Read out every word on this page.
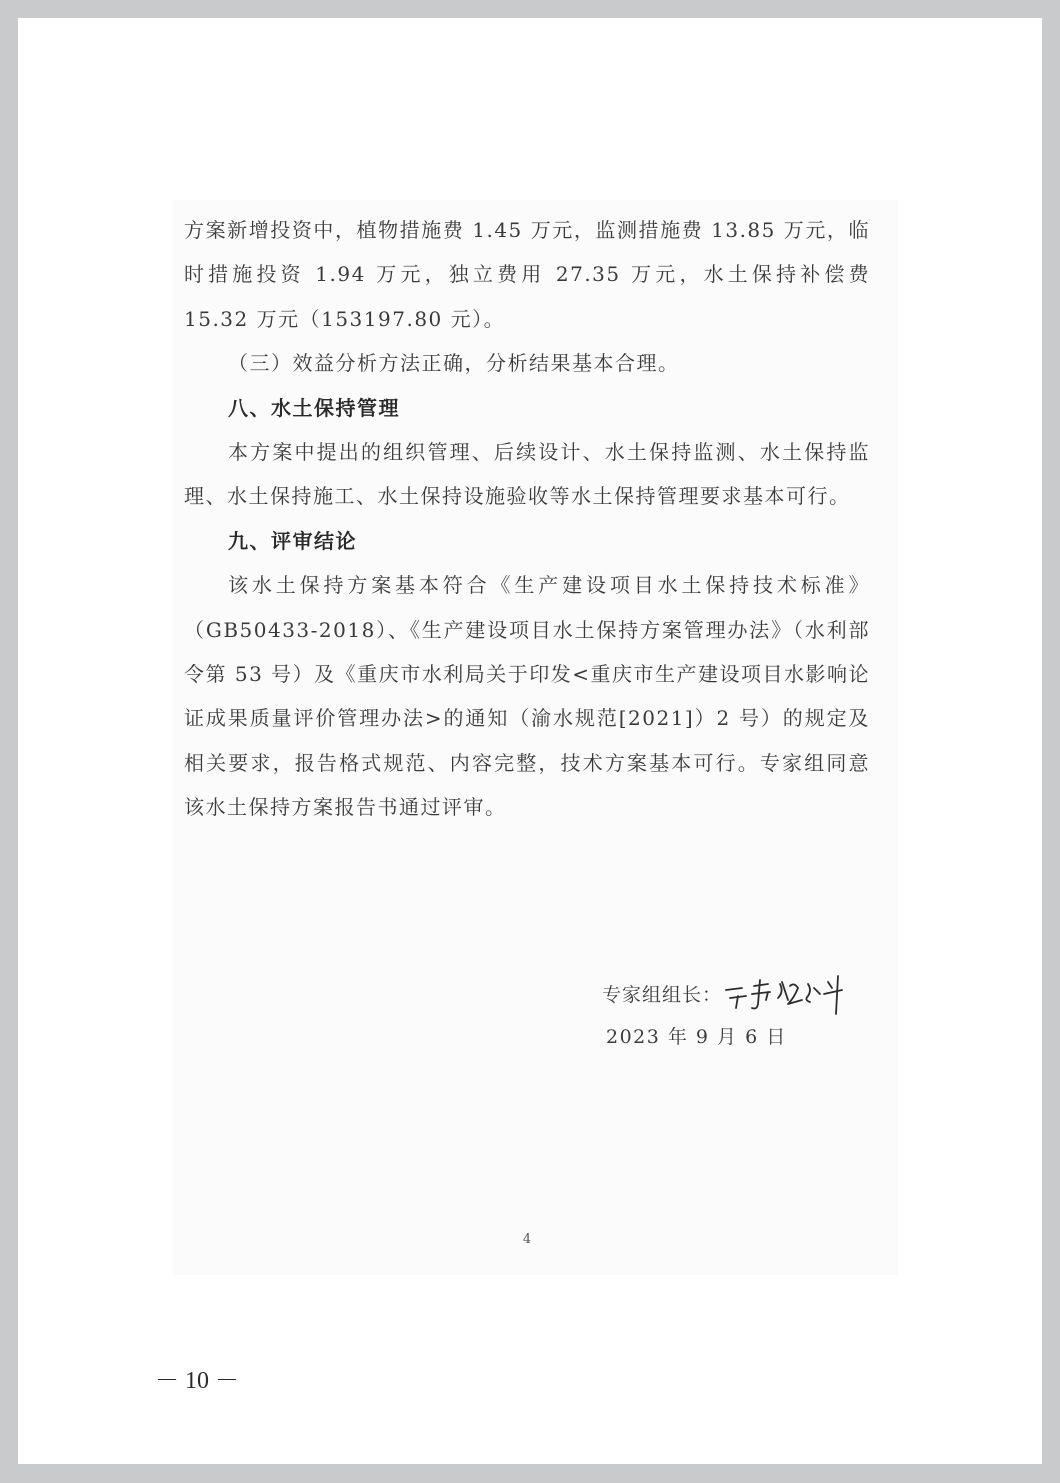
方案新增投资中，植物措施费 1.45 万元，监测措施费 13.85 万元，临时措施投资 1.94 万元，独立费用 27.35 万元，水土保持补偿费 15.32 万元（153197.80 元）。

（三）效益分析方法正确，分析结果基本合理。

八、水土保持管理

本方案中提出的组织管理、后续设计、水土保持监测、水土保持监理、水土保持施工、水土保持设施验收等水土保持管理要求基本可行。

九、评审结论

该水土保持方案基本符合《生产建设项目水土保持技术标准》（GB50433-2018）、《生产建设项目水土保持方案管理办法》（水利部令第 53 号）及《重庆市水利局关于印发<重庆市生产建设项目水影响论证成果质量评价管理办法>的通知（渝水规范[2021]）2 号）的规定及相关要求，报告格式规范、内容完整，技术方案基本可行。专家组同意该水土保持方案报告书通过评审。

专家组组长：
2023 年 9 月 6 日
4
－ 10 －
